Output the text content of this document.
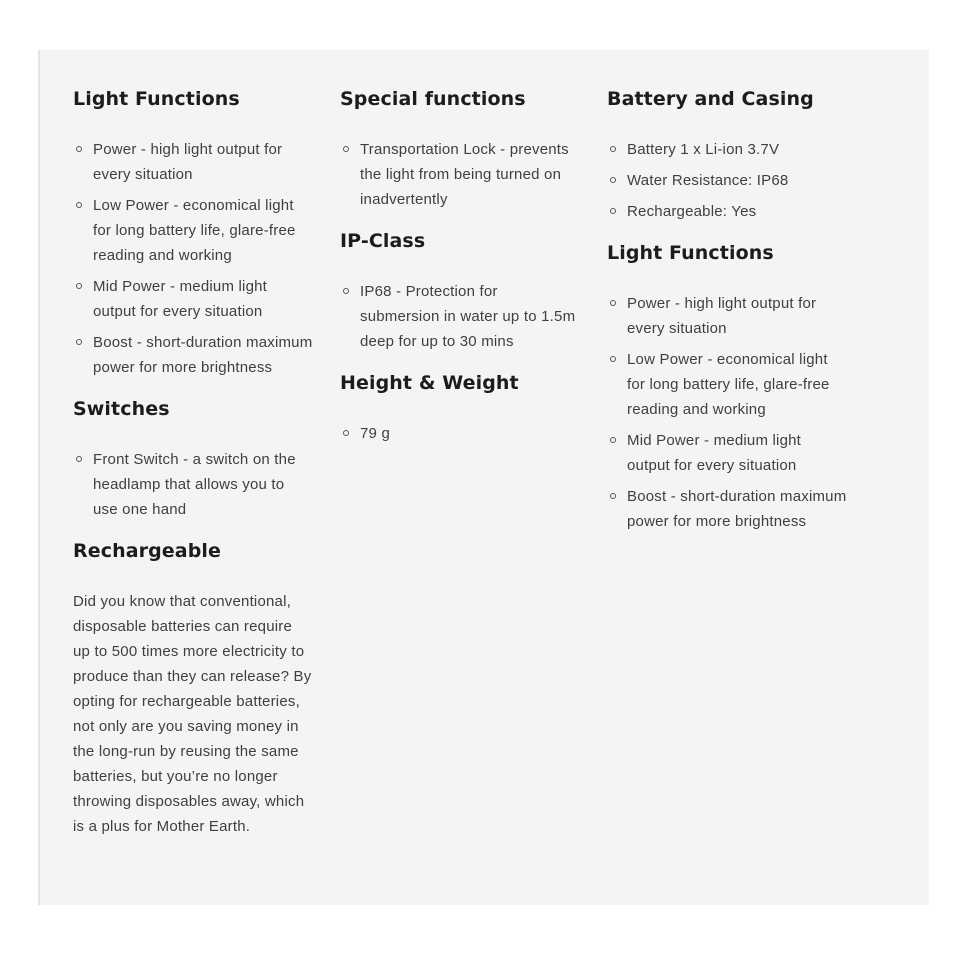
Light Functions
Power - high light output for every situation
Low Power - economical light for long battery life, glare-free reading and working
Mid Power - medium light output for every situation
Boost - short-duration maximum power for more brightness
Switches
Front Switch - a switch on the headlamp that allows you to use one hand
Rechargeable
Did you know that conventional, disposable batteries can require up to 500 times more electricity to produce than they can release? By opting for rechargeable batteries, not only are you saving money in the long-run by reusing the same batteries, but you’re no longer throwing disposables away, which is a plus for Mother Earth.
Special functions
Transportation Lock - prevents the light from being turned on inadvertently
IP-Class
IP68 - Protection for submersion in water up to 1.5m deep for up to 30 mins
Height & Weight
79 g
Battery and Casing
Battery 1 x Li-ion 3.7V
Water Resistance: IP68
Rechargeable: Yes
Light Functions
Power - high light output for every situation
Low Power - economical light for long battery life, glare-free reading and working
Mid Power - medium light output for every situation
Boost - short-duration maximum power for more brightness
